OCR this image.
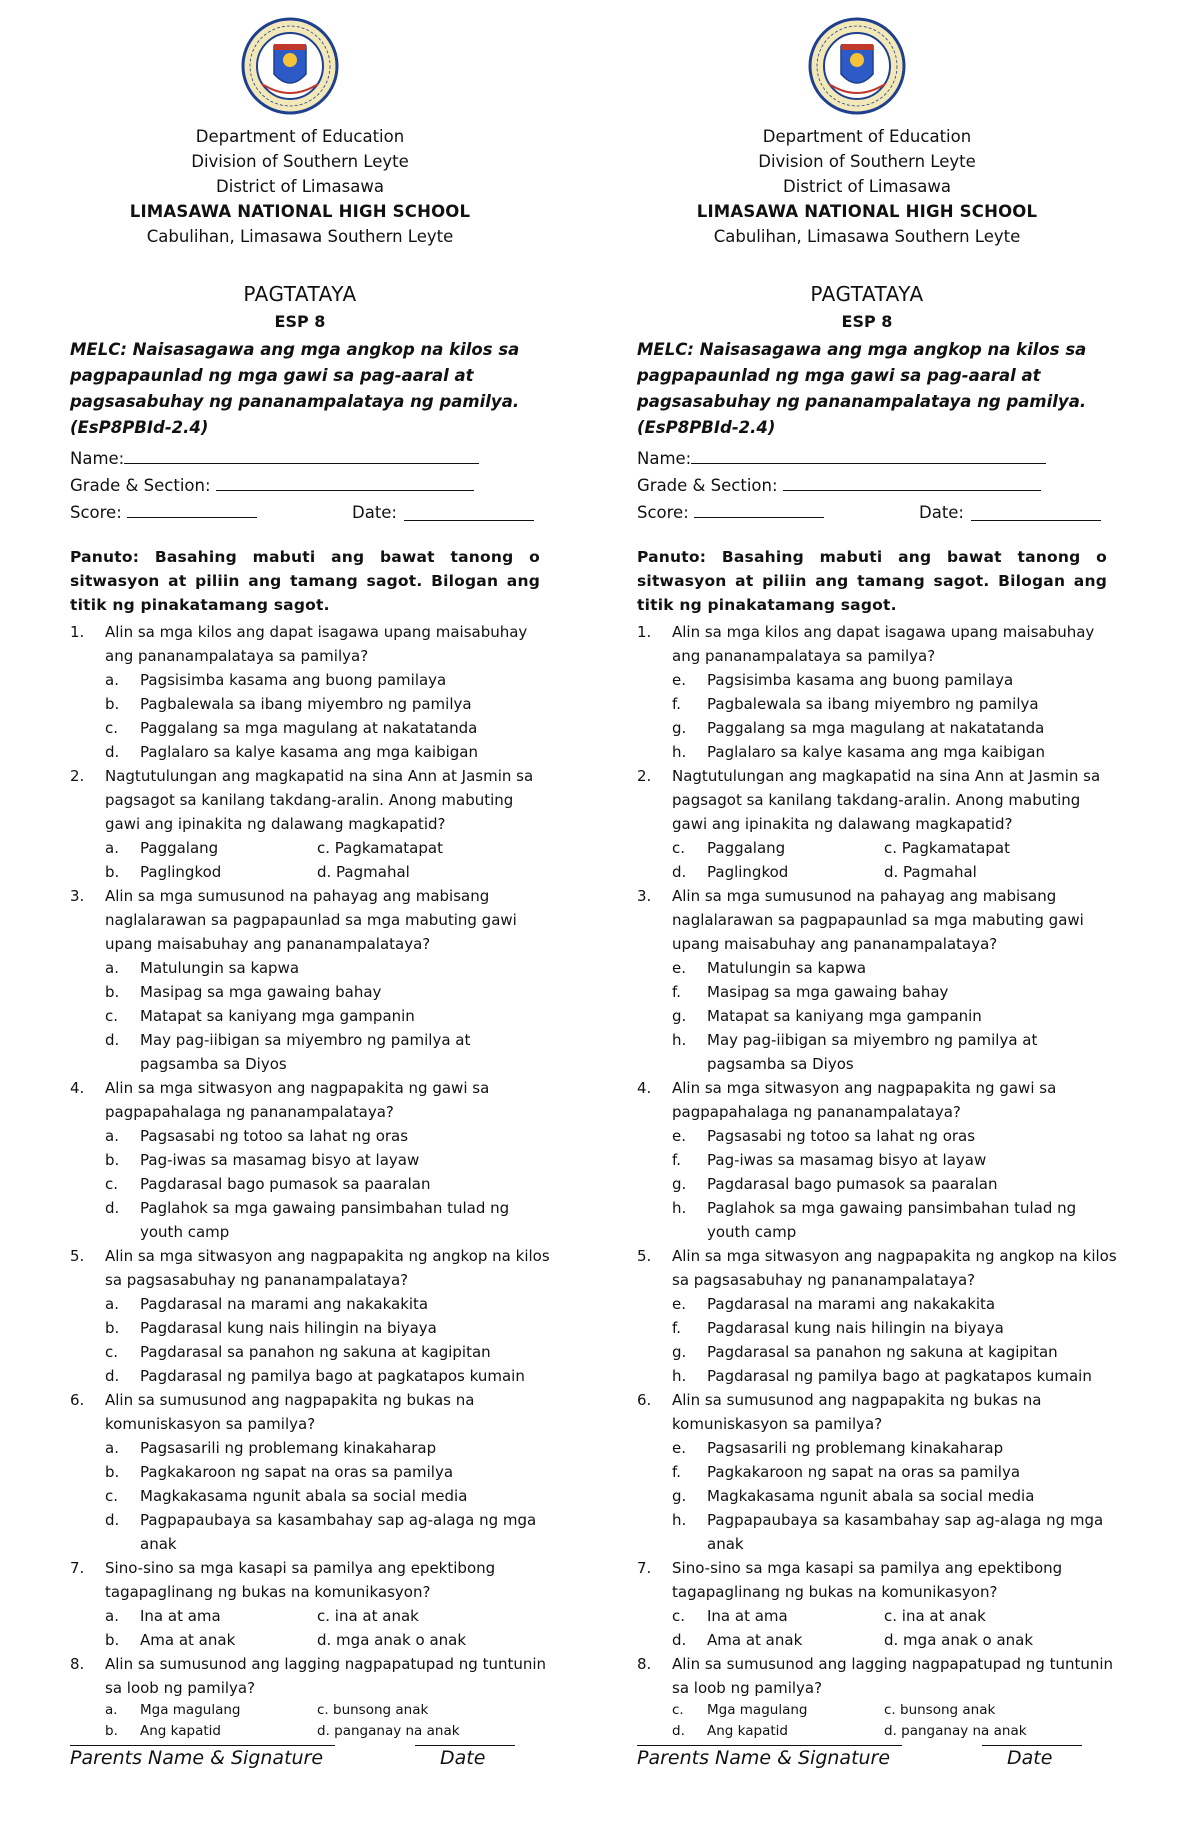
Department of Education
Division of Southern Leyte
District of Limasawa
LIMASAWA NATIONAL HIGH SCHOOL
Cabulihan, Limasawa Southern Leyte
PAGTATAYA
ESP 8
MELC: Naisasagawa ang mga angkop na kilos sa pagpapaunlad ng mga gawi sa pag-aaral at pagsasabuhay ng pananampalataya ng pamilya. (EsP8PBId-2.4)
Name:
Grade & Section:
Score:	Date:
Panuto: Basahing mabuti ang bawat tanong o sitwasyon at piliin ang tamang sagot. Bilogan ang titik ng pinakatamang sagot.
1.	Alin sa mga kilos ang dapat isagawa upang maisabuhay ang pananampalataya sa pamilya?
a.	Pagsisimba kasama ang buong pamilaya
b.	Pagbalewala sa ibang miyembro ng pamilya
c.	Paggalang sa mga magulang at nakatatanda
d.	Paglalaro sa kalye kasama ang mga kaibigan
2.	Nagtutulungan ang magkapatid na sina Ann at Jasmin sa pagsagot sa kanilang takdang-aralin. Anong mabuting gawi ang ipinakita ng dalawang magkapatid?
a.	Paggalang	c. Pagkamatapat
b.	Paglingkod	d. Pagmahal
3.	Alin sa mga sumusunod na pahayag ang mabisang naglalarawan sa pagpapaunlad sa mga mabuting gawi upang maisabuhay ang pananampalataya?
a.	Matulungin sa kapwa
b.	Masipag sa mga gawaing bahay
c.	Matapat sa kaniyang mga gampanin
d.	May pag-iibigan sa miyembro ng pamilya at pagsamba sa Diyos
4.	Alin sa mga sitwasyon ang nagpapakita ng gawi sa pagpapahalaga ng pananampalataya?
a.	Pagsasabi ng totoo sa lahat ng oras
b.	Pag-iwas sa masamag bisyo at layaw
c.	Pagdarasal bago pumasok sa paaralan
d.	Paglahok sa mga gawaing pansimbahan tulad ng youth camp
5.	Alin sa mga sitwasyon ang nagpapakita ng angkop na kilos sa pagsasabuhay ng pananampalataya?
a.	Pagdarasal na marami ang nakakakita
b.	Pagdarasal kung nais hilingin na biyaya
c.	Pagdarasal sa panahon ng sakuna at kagipitan
d.	Pagdarasal ng pamilya bago at pagkatapos kumain
6.	Alin sa sumusunod ang nagpapakita ng bukas na komuniskasyon sa pamilya?
a.	Pagsasarili ng problemang kinakaharap
b.	Pagkakaroon ng sapat na oras sa pamilya
c.	Magkakasama ngunit abala sa social media
d.	Pagpapaubaya sa kasambahay sap ag-alaga ng mga anak
7.	Sino-sino sa mga kasapi sa pamilya ang epektibong tagapaglinang ng bukas na komunikasyon?
a.	Ina at ama	c. ina at anak
b.	Ama at anak	d. mga anak o anak
8.	Alin sa sumusunod ang lagging nagpapatupad ng tuntunin sa loob ng pamilya?
a.	Mga magulang	c. bunsong anak
b.	Ang kapatid	d. panganay na anak
Parents Name & Signature	Date
Department of Education
Division of Southern Leyte
District of Limasawa
LIMASAWA NATIONAL HIGH SCHOOL
Cabulihan, Limasawa Southern Leyte
PAGTATAYA
ESP 8
MELC: Naisasagawa ang mga angkop na kilos sa pagpapaunlad ng mga gawi sa pag-aaral at pagsasabuhay ng pananampalataya ng pamilya. (EsP8PBId-2.4)
Name:
Grade & Section:
Score:	Date:
Panuto: Basahing mabuti ang bawat tanong o sitwasyon at piliin ang tamang sagot. Bilogan ang titik ng pinakatamang sagot.
1.	Alin sa mga kilos ang dapat isagawa upang maisabuhay ang pananampalataya sa pamilya?
e.	Pagsisimba kasama ang buong pamilaya
f.	Pagbalewala sa ibang miyembro ng pamilya
g.	Paggalang sa mga magulang at nakatatanda
h.	Paglalaro sa kalye kasama ang mga kaibigan
2.	Nagtutulungan ang magkapatid na sina Ann at Jasmin sa pagsagot sa kanilang takdang-aralin. Anong mabuting gawi ang ipinakita ng dalawang magkapatid?
c.	Paggalang	c. Pagkamatapat
d.	Paglingkod	d. Pagmahal
3.	Alin sa mga sumusunod na pahayag ang mabisang naglalarawan sa pagpapaunlad sa mga mabuting gawi upang maisabuhay ang pananampalataya?
e.	Matulungin sa kapwa
f.	Masipag sa mga gawaing bahay
g.	Matapat sa kaniyang mga gampanin
h.	May pag-iibigan sa miyembro ng pamilya at pagsamba sa Diyos
4.	Alin sa mga sitwasyon ang nagpapakita ng gawi sa pagpapahalaga ng pananampalataya?
e.	Pagsasabi ng totoo sa lahat ng oras
f.	Pag-iwas sa masamag bisyo at layaw
g.	Pagdarasal bago pumasok sa paaralan
h.	Paglahok sa mga gawaing pansimbahan tulad ng youth camp
5.	Alin sa mga sitwasyon ang nagpapakita ng angkop na kilos sa pagsasabuhay ng pananampalataya?
e.	Pagdarasal na marami ang nakakakita
f.	Pagdarasal kung nais hilingin na biyaya
g.	Pagdarasal sa panahon ng sakuna at kagipitan
h.	Pagdarasal ng pamilya bago at pagkatapos kumain
6.	Alin sa sumusunod ang nagpapakita ng bukas na komuniskasyon sa pamilya?
e.	Pagsasarili ng problemang kinakaharap
f.	Pagkakaroon ng sapat na oras sa pamilya
g.	Magkakasama ngunit abala sa social media
h.	Pagpapaubaya sa kasambahay sap ag-alaga ng mga anak
7.	Sino-sino sa mga kasapi sa pamilya ang epektibong tagapaglinang ng bukas na komunikasyon?
c.	Ina at ama	c. ina at anak
d.	Ama at anak	d. mga anak o anak
8.	Alin sa sumusunod ang lagging nagpapatupad ng tuntunin sa loob ng pamilya?
c.	Mga magulang	c. bunsong anak
d.	Ang kapatid	d. panganay na anak
Parents Name & Signature	Date
